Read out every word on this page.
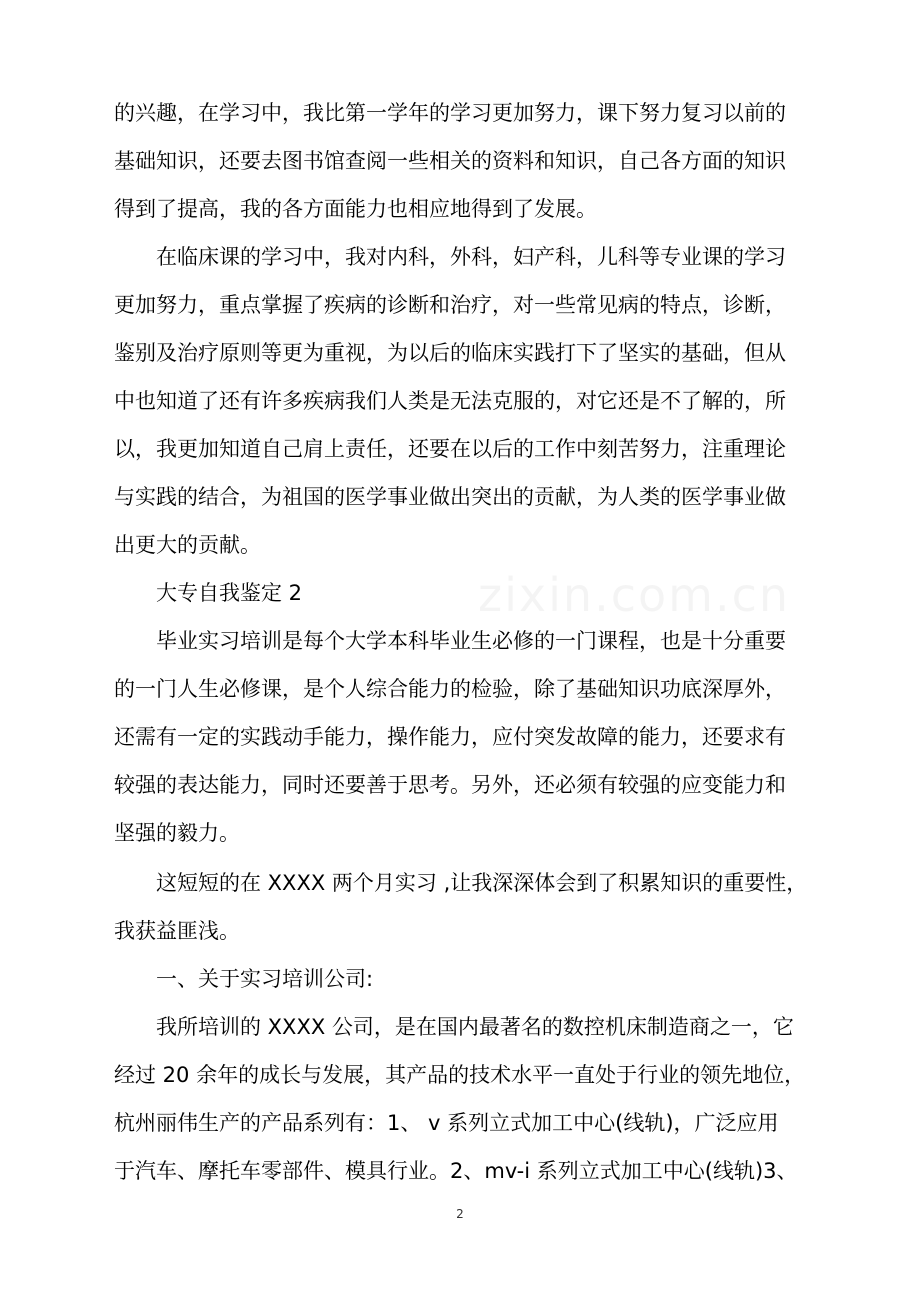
的兴趣，在学习中，我比第一学年的学习更加努力，课下努力复习以前的
基础知识，还要去图书馆查阅一些相关的资料和知识，自己各方面的知识
得到了提高，我的各方面能力也相应地得到了发展。
在临床课的学习中，我对内科，外科，妇产科，儿科等专业课的学习
更加努力，重点掌握了疾病的诊断和治疗，对一些常见病的特点，诊断，
鉴别及治疗原则等更为重视，为以后的临床实践打下了坚实的基础，但从
中也知道了还有许多疾病我们人类是无法克服的，对它还是不了解的，所
以，我更加知道自己肩上责任，还要在以后的工作中刻苦努力，注重理论
与实践的结合，为祖国的医学事业做出突出的贡献，为人类的医学事业做
出更大的贡献。
大专自我鉴定 2
毕业实习培训是每个大学本科毕业生必修的一门课程，也是十分重要
的一门人生必修课，是个人综合能力的检验，除了基础知识功底深厚外，
还需有一定的实践动手能力，操作能力，应付突发故障的能力，还要求有
较强的表达能力，同时还要善于思考。另外，还必须有较强的应变能力和
坚强的毅力。
这短短的在 XXXX 两个月实习 ,让我深深体会到了积累知识的重要性，
我获益匪浅。
一、关于实习培训公司:
我所培训的 XXXX 公司，是在国内最著名的数控机床制造商之一，它
经过 20 余年的成长与发展，其产品的技术水平一直处于行业的领先地位，
杭州丽伟生产的产品系列有：1、 v 系列立式加工中心(线轨)，广泛应用
于汽车、摩托车零部件、模具行业。2、mv-i 系列立式加工中心(线轨)3、
2
